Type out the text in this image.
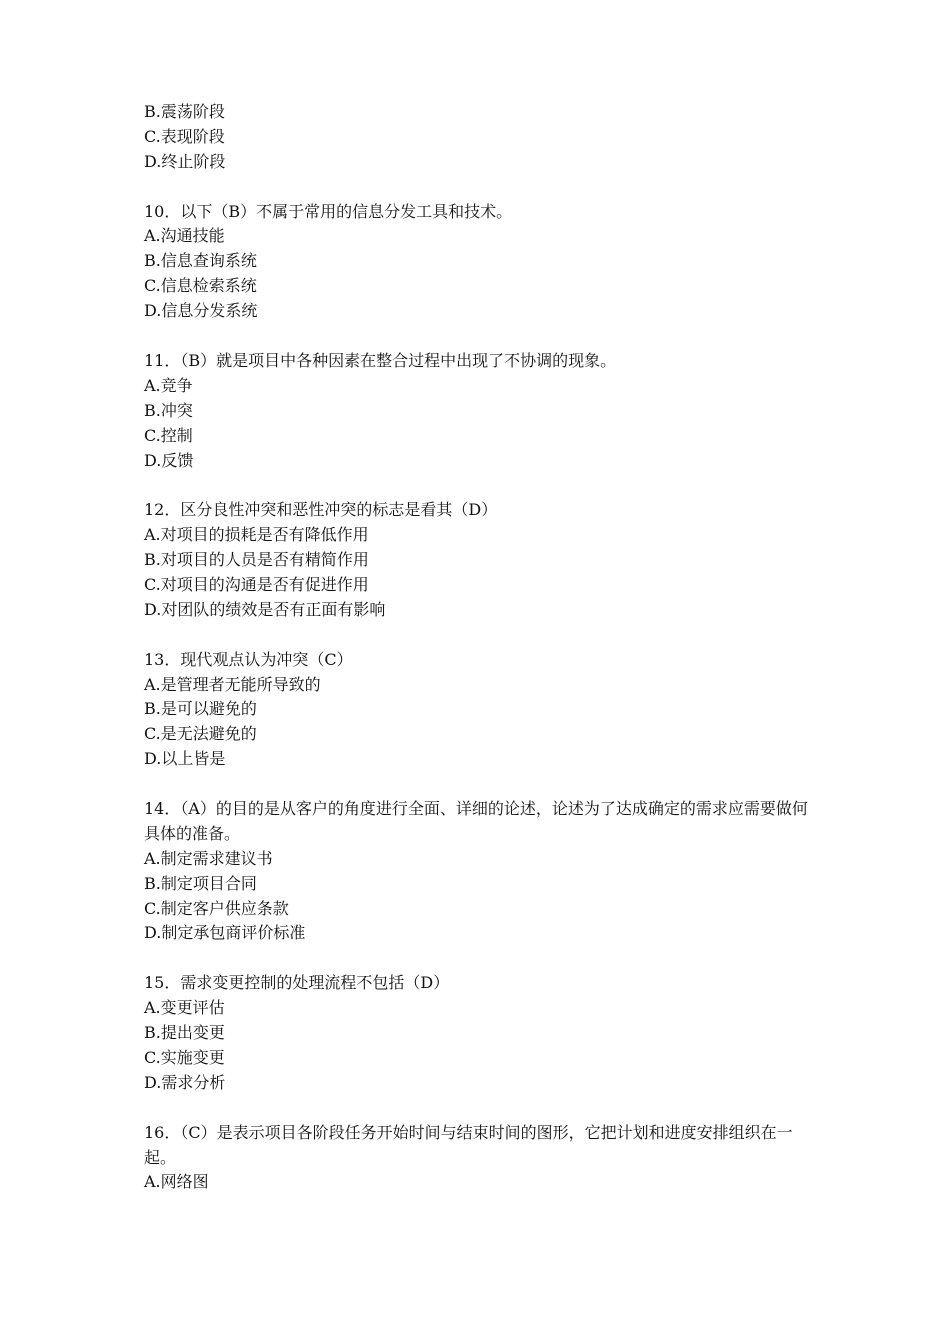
B.震荡阶段
C.表现阶段
D.终止阶段
10．以下（B）不属于常用的信息分发工具和技术。
A.沟通技能
B.信息查询系统
C.信息检索系统
D.信息分发系统
11．（B）就是项目中各种因素在整合过程中出现了不协调的现象。
A.竞争
B.冲突
C.控制
D.反馈
12．区分良性冲突和恶性冲突的标志是看其（D）
A.对项目的损耗是否有降低作用
B.对项目的人员是否有精简作用
C.对项目的沟通是否有促进作用
D.对团队的绩效是否有正面有影响
13．现代观点认为冲突（C）
A.是管理者无能所导致的
B.是可以避免的
C.是无法避免的
D.以上皆是
14．（A）的目的是从客户的角度进行全面、详细的论述，论述为了达成确定的需求应需要做何具体的准备。
A.制定需求建议书
B.制定项目合同
C.制定客户供应条款
D.制定承包商评价标准
15．需求变更控制的处理流程不包括（D）
A.变更评估
B.提出变更
C.实施变更
D.需求分析
16．（C）是表示项目各阶段任务开始时间与结束时间的图形，它把计划和进度安排组织在一起。
A.网络图
